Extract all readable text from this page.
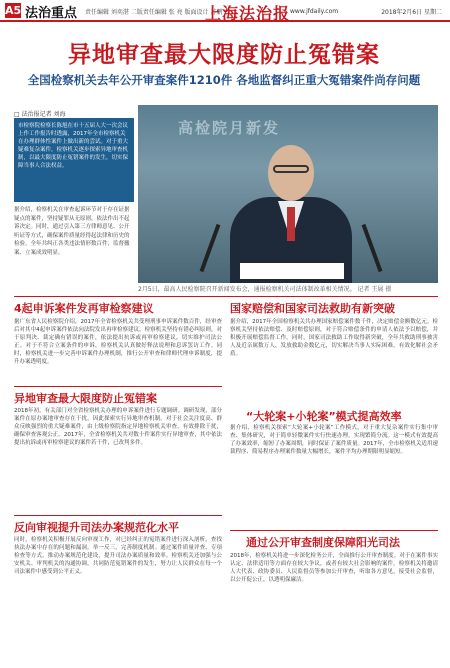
A5 法治重点 责任编辑 刘奕湛 二版责任编辑 张 亮 版面设计 苏鹏
上海法治报 www.jfdaily.com	2018年2月6日 星期二
异地审查最大限度防止冤错案
全国检察机关去年公开审查案件1210件 各地监督纠正重大冤错案件尚存问题
□ 法治报记者 刘海
市检察院检察长陈旭在市十五届人大一次会议上作工作报告时透露，2017年全市检察机关在办理群体性案件上做出新的尝试。对于重大疑难复杂案件，检察机关逐步探索异地审查机制，以最大限度防止冤错案件的发生，切实保障当事人合法权益。
据介绍，检察机关在审查起诉环节对于存在证据疑点的案件，坚持疑罪从无原则，依法作出不起诉决定。同时，通过引入第三方律师意见、公开听证等方式，确保案件质量经得起法律和历史的检验。全年共纠正各类违法情形数百件，监督撤案、立案成效明显。
高检院月新发
2月5日，最高人民检察院召开新闻发布会，通报检察机关司法体制改革相关情况。 记者 王展 摄
4起申诉案件发再审检察建议
据广东省人民检察院介绍，2017年全省检察机关共受理刑事申诉案件数百件，经审查后对其中4起申诉案件依法向法院发出再审检察建议。检察机关坚持有错必纠原则，对于原判决、裁定确有错误的案件，依法提出抗诉或再审检察建议，切实维护司法公正。对于不符合立案条件的申诉，检察机关认真做好释法说理和息诉罢访工作。同时，检察机关进一步完善申诉案件办理机制，推行公开审查和律师代理申诉制度，提升办案透明度。
异地审查最大限度防止冤错案
2018年初，有关部门对全省检察机关办理的申诉案件进行专题调研。调研发现，部分案件在原办案地审查存在干扰，因此探索实行异地审查机制。对于社会关注度高、群众反映强烈的重大疑难案件，由上级检察院指定异地检察机关审查，有效排除干扰，确保审查客观公正。2017年，全省检察机关共对数十件案件实行异地审查，其中依法提出抗诉或再审检察建议的案件若干件，已改判多件。
反向审视提升司法办案规范化水平
同时，检察机关积极开展反向审视工作，对已经纠正的冤错案件进行深入剖析，查找执法办案中存在的问题和漏洞，举一反三，完善制度机制。通过案件质量评查、专项检查等方式，推动办案规范化建设，提升司法办案质量和效率。检察机关还加强与公安机关、审判机关的沟通协调，共同防范冤错案件的发生，努力让人民群众在每一个司法案件中感受到公平正义。
国家赔偿和国家司法救助有新突破
据介绍，2017年全国检察机关共办理国家赔偿案件数千件，决定赔偿金额数亿元。检察机关坚持依法赔偿、及时赔偿原则，对于符合赔偿条件的申请人依法予以赔偿，并积极开展赔偿监督工作。同时，国家司法救助工作取得新突破，全年共救助刑事被害人及近亲属数万人，发放救助金数亿元，切实解决当事人实际困难，有效化解社会矛盾。
“大轮案+小轮案”模式提高效率
据介绍，检察机关探索“大轮案+小轮案”工作模式，对于重大复杂案件实行集中审查、集体研究，对于简单轻微案件实行快速办理，实现繁简分流。这一模式有效提高了办案效率，缩短了办案周期，同时保证了案件质量。2017年，全市检察机关适用速裁程序、简易程序办理案件数量大幅增长，案件平均办理期限明显缩短。
通过公开审查制度保障阳光司法
2018年，检察机关将进一步深化检务公开，全面推行公开审查制度。对于在案件事实认定、法律适用等方面存在较大争议，或者有较大社会影响的案件，检察机关将邀请人大代表、政协委员、人民监督员等参加公开审查，听取各方意见，接受社会监督，以公开促公正，以透明保廉洁。
